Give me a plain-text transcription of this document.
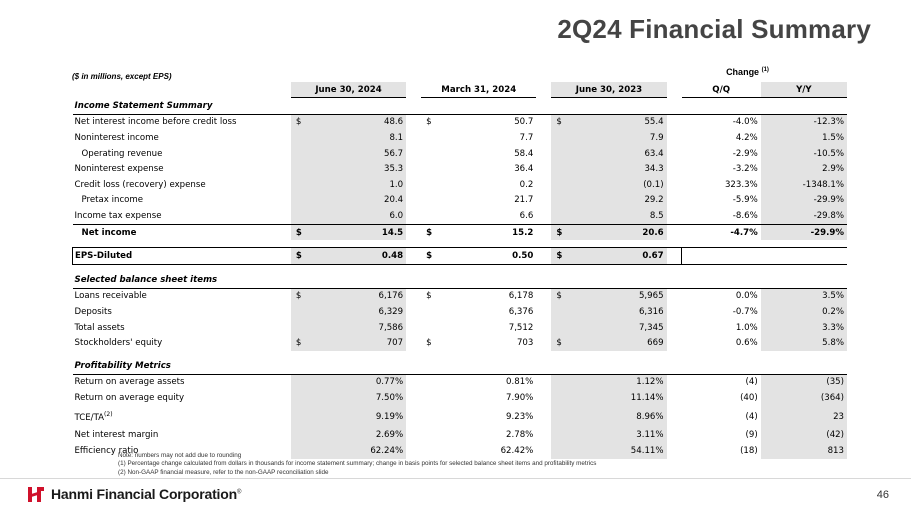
2Q24 Financial Summary
($ in millions, except EPS)	Change $^{(1)}$
	June 30, 2024			March 31, 2024			June 30, 2023			Q/Q	Y/Y
Income Statement Summary											
Net interest income before credit loss	$	48.6		$	50.7		$	55.4		-4.0%	-12.3%
Noninterest income		8.1			7.7			7.9		4.2%	1.5%
Operating revenue		56.7			58.4			63.4		-2.9%	-10.5%
Noninterest expense		35.3			36.4			34.3		-3.2%	2.9%
Credit loss (recovery) expense		1.0			0.2			(0.1)		323.3%	-1348.1%
Pretax income		20.4			21.7			29.2		-5.9%	-29.9%
Income tax expense		6.0			6.6			8.5		-8.6%	-29.8%
Net income	$	14.5		$	15.2		$	20.6		-4.7%	-29.9%

EPS-Diluted	$	0.48		$	0.50		$	0.67			

Selected balance sheet items											
Loans receivable	$	6,176		$	6,178		$	5,965		0.0%	3.5%
Deposits		6,329			6,376			6,316		-0.7%	0.2%
Total assets		7,586			7,512			7,345		1.0%	3.3%
Stockholders' equity	$	707		$	703		$	669		0.6%	5.8%

Profitability Metrics											
Return on average assets		0.77%			0.81%			1.12%		(4)	(35)
Return on average equity		7.50%			7.90%			11.14%		(40)	(364)
TCE/TA$^{(2)}$		9.19%			9.23%			8.96%		(4)	23
Net interest margin		2.69%			2.78%			3.11%		(9)	(42)
Efficiency ratio		62.24%			62.42%			54.11%		(18)	813
Note: numbers may not add due to rounding
(1) Percentage change calculated from dollars in thousands for income statement summary; change in basis points for selected balance sheet items and profitability metrics
(2) Non-GAAP financial measure, refer to the non-GAAP reconciliation slide
Hanmi Financial Corporation®	46
